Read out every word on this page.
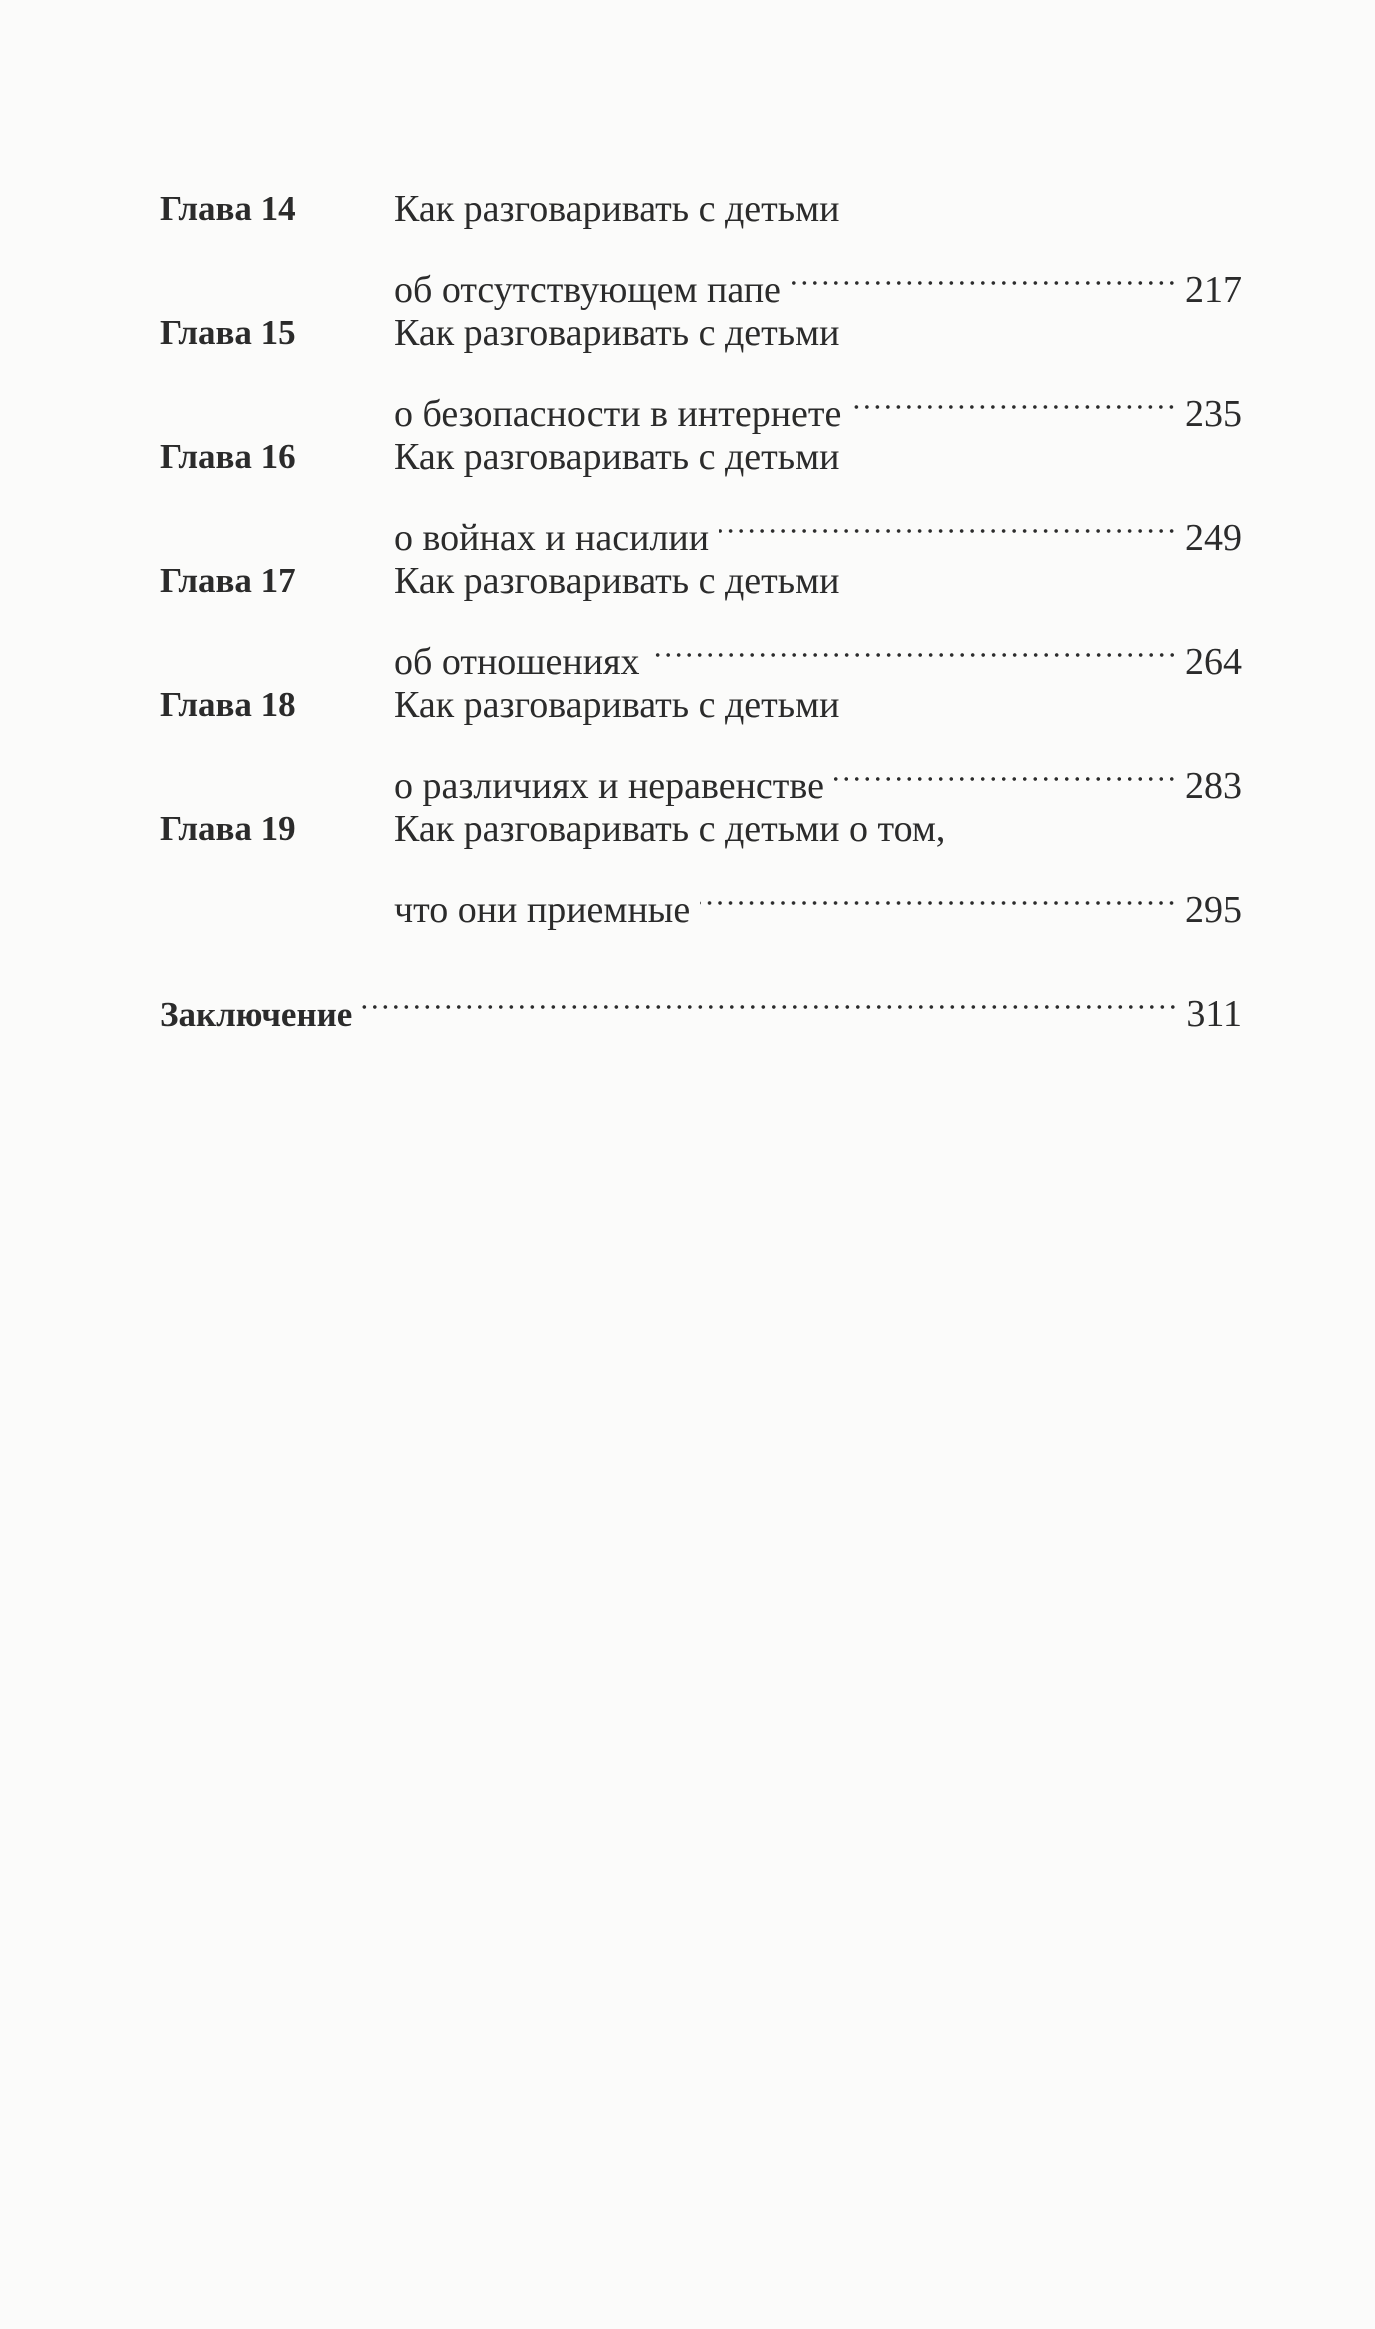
Глава 14	Как разговаривать с детьми
об отсутствующем папе	217
Глава 15	Как разговаривать с детьми
о безопасности в интернете	235
Глава 16	Как разговаривать с детьми
о войнах и насилии	249
Глава 17	Как разговаривать с детьми
об отношениях	264
Глава 18	Как разговаривать с детьми
о различиях и неравенстве	283
Глава 19	Как разговаривать с детьми о том,
что они приемные	295
Заключение	311
